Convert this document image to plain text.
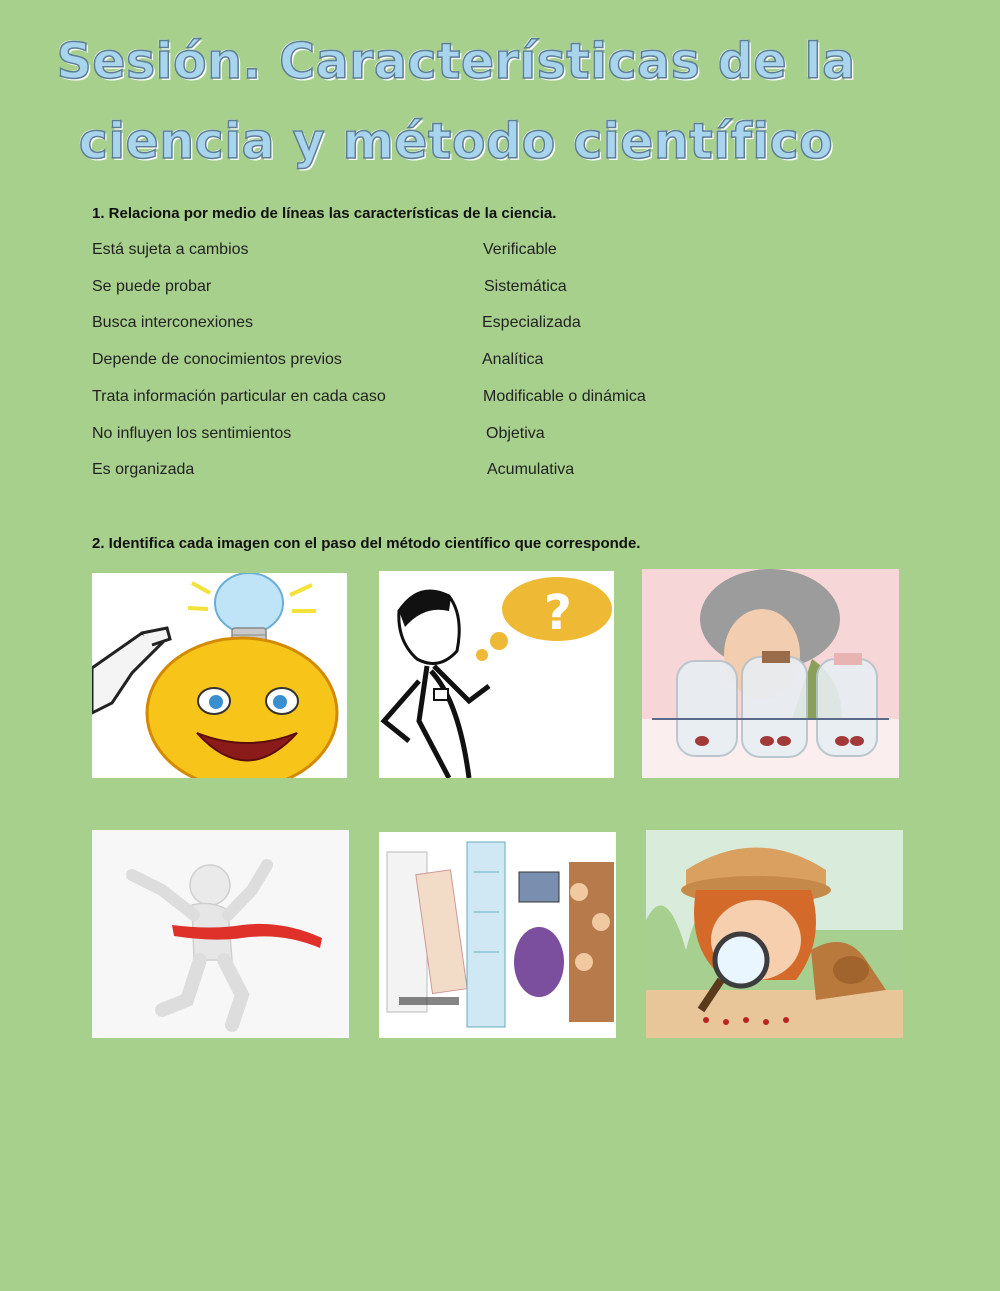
Sesión. Características de la
ciencia y método científico
1. Relaciona por medio de líneas las características de la ciencia.
Está sujeta a cambios	Verificable
Se puede probar	Sistemática
Busca interconexiones	Especializada
Depende de conocimientos previos	Analítica
Trata información particular en cada caso	Modificable o dinámica
No influyen los sentimientos	Objetiva
Es organizada	Acumulativa
2. Identifica cada imagen con el paso del método científico que corresponde.
?
